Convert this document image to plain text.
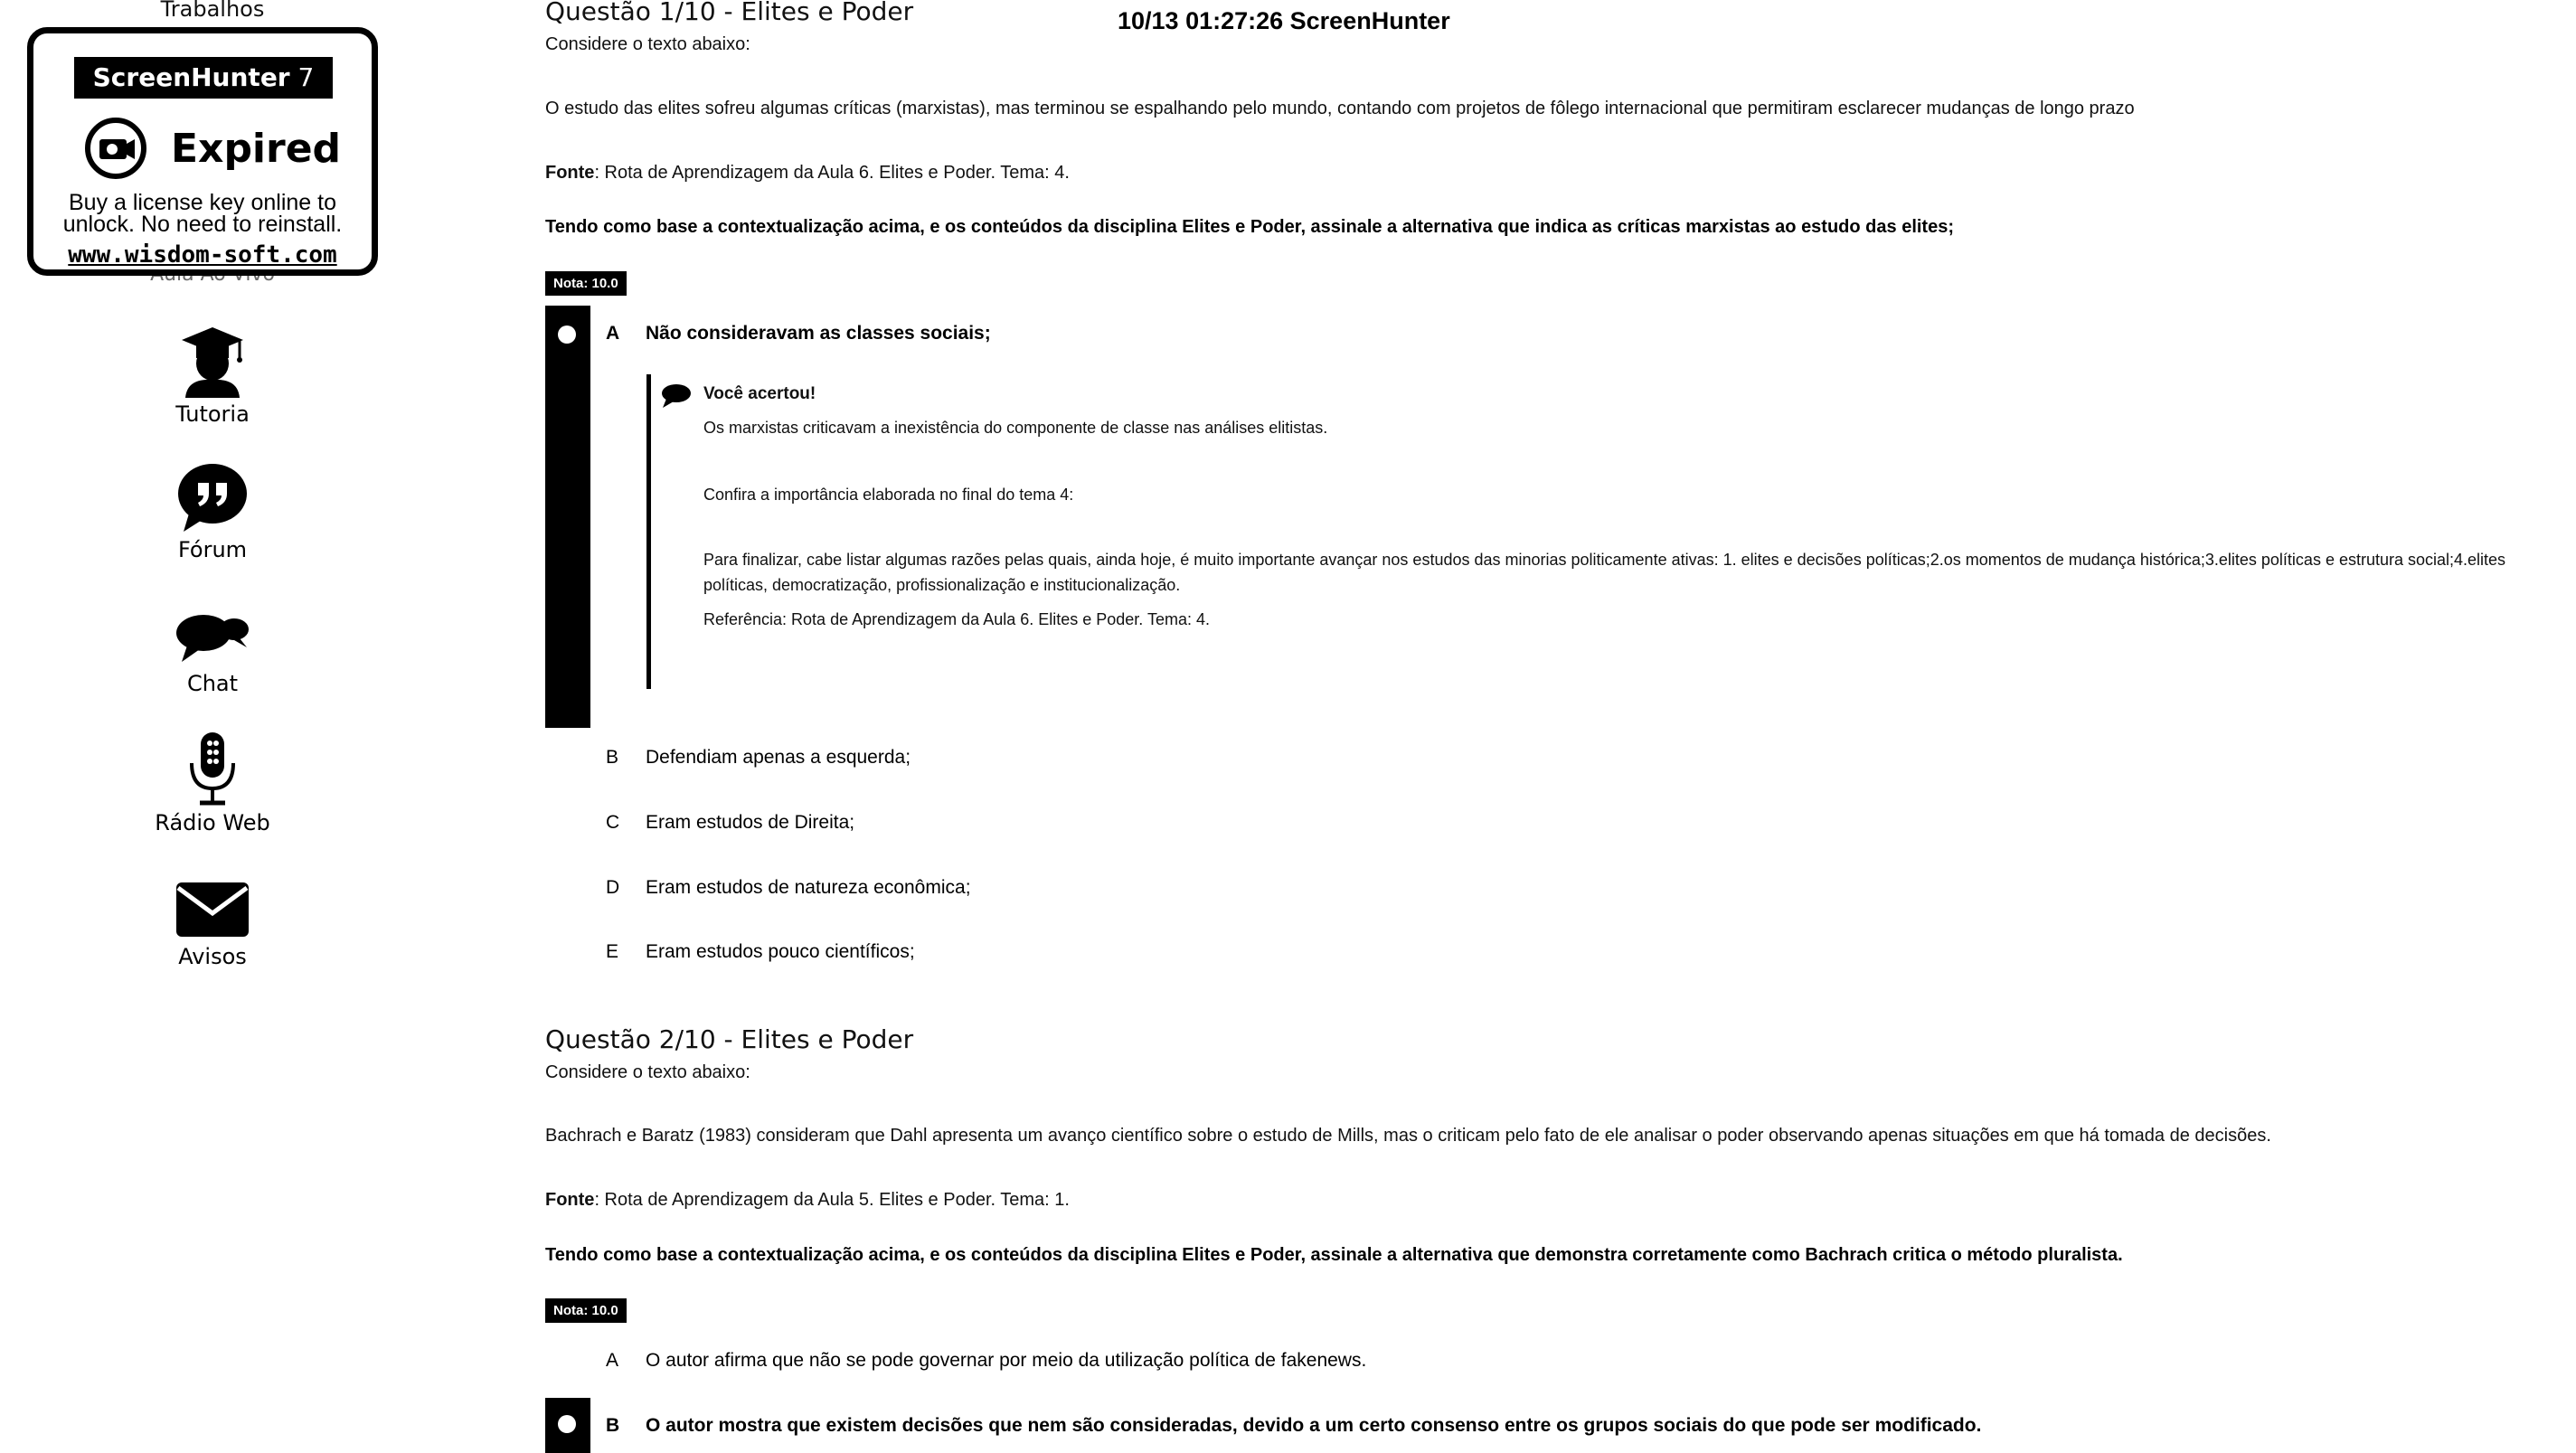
Trabalhos
Tutoria
Fórum
Chat
Rádio Web
Avisos
ScreenHunter 7 Pro
Expired
Buy a license key online to
unlock. No need to reinstall.
www.wisdom-soft.com
10/13 01:27:26 ScreenHunter
Questão 1/10 - Elites e Poder
Considere o texto abaixo:
O estudo das elites sofreu algumas críticas (marxistas), mas terminou se espalhando pelo mundo, contando com projetos de fôlego internacional que permitiram esclarecer mudanças de longo prazo
Fonte: Rota de Aprendizagem da Aula 6. Elites e Poder. Tema: 4.
Tendo como base a contextualização acima, e os conteúdos da disciplina Elites e Poder, assinale a alternativa que indica as críticas marxistas ao estudo das elites;
Nota: 10.0
A Não consideravam as classes sociais;
Você acertou!
Os marxistas criticavam a inexistência do componente de classe nas análises elitistas.
Confira a importância elaborada no final do tema 4:
Para finalizar, cabe listar algumas razões pelas quais, ainda hoje, é muito importante avançar nos estudos das minorias politicamente ativas: 1. elites e decisões políticas;2.os momentos de mudança histórica;3.elites políticas e estrutura social;4.elites políticas, democratização, profissionalização e institucionalização.
Referência: Rota de Aprendizagem da Aula 6. Elites e Poder. Tema: 4.
B Defendiam apenas a esquerda;
C Eram estudos de Direita;
D Eram estudos de natureza econômica;
E Eram estudos pouco científicos;
Questão 2/10 - Elites e Poder
Considere o texto abaixo:
Bachrach e Baratz (1983) consideram que Dahl apresenta um avanço científico sobre o estudo de Mills, mas o criticam pelo fato de ele analisar o poder observando apenas situações em que há tomada de decisões.
Fonte: Rota de Aprendizagem da Aula 5. Elites e Poder. Tema: 1.
Tendo como base a contextualização acima, e os conteúdos da disciplina Elites e Poder, assinale a alternativa que demonstra corretamente como Bachrach critica o método pluralista.
Nota: 10.0
A O autor afirma que não se pode governar por meio da utilização política de fakenews.
B O autor mostra que existem decisões que nem são consideradas, devido a um certo consenso entre os grupos sociais do que pode ser modificado.
